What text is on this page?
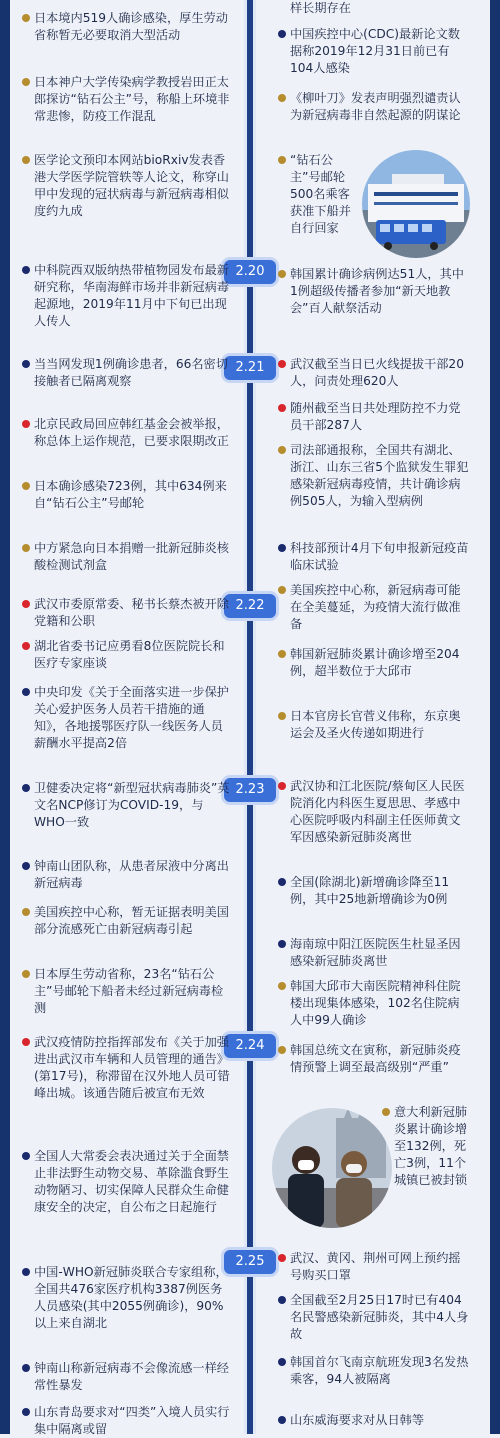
2.20
2.21
2.22
2.23
2.24
2.25
日本境内519人确诊感染，厚生劳动省称暂无必要取消大型活动
日本神户大学传染病学教授岩田正太郎探访“钻石公主”号，称船上环境非常悲惨，防疫工作混乱
医学论文预印本网站bioRxiv发表香港大学医学院管轶等人论文，称穿山甲中发现的冠状病毒与新冠病毒相似度约九成
中科院西双版纳热带植物园发布最新研究称，华南海鲜市场并非新冠病毒起源地，2019年11月中下旬已出现人传人
当当网发现1例确诊患者，66名密切接触者已隔离观察
北京民政局回应韩红基金会被举报，称总体上运作规范，已要求限期改正
日本确诊感染723例，其中634例来自“钻石公主”号邮轮
中方紧急向日本捐赠一批新冠肺炎核酸检测试剂盒
武汉市委原常委、秘书长蔡杰被开除党籍和公职
湖北省委书记应勇看8位医院院长和医疗专家座谈
中央印发《关于全面落实进一步保护关心爱护医务人员若干措施的通知》，各地援鄂医疗队一线医务人员薪酬水平提高2倍
卫健委决定将“新型冠状病毒肺炎”英文名NCP修订为COVID-19，与WHO一致
钟南山团队称，从患者尿液中分离出新冠病毒
美国疾控中心称，暂无证据表明美国部分流感死亡由新冠病毒引起
日本厚生劳动省称，23名“钻石公主”号邮轮下船者未经过新冠病毒检测
武汉疫情防控指挥部发布《关于加强进出武汉市车辆和人员管理的通告》(第17号)，称滞留在汉外地人员可错峰出城。该通告随后被宣布无效
全国人大常委会表决通过关于全面禁止非法野生动物交易、革除滥食野生动物陋习、切实保障人民群众生命健康安全的决定，自公布之日起施行
中国-WHO新冠肺炎联合专家组称，全国共476家医疗机构3387例医务人员感染(其中2055例确诊)，90%以上来自湖北
钟南山称新冠病毒不会像流感一样经常性暴发
山东青岛要求对“四类”入境人员实行集中隔离或留
样长期存在
中国疾控中心(CDC)最新论文数据称2019年12月31日前已有104人感染
《柳叶刀》发表声明强烈谴责认为新冠病毒非自然起源的阴谋论
“钻石公主”号邮轮500名乘客获准下船并自行回家
韩国累计确诊病例达51人，其中1例超级传播者参加“新天地教会”百人献祭活动
武汉截至当日已火线提拔干部20人，问责处理620人
随州截至当日共处理防控不力党员干部287人
司法部通报称，全国共有湖北、浙江、山东三省5个监狱发生罪犯感染新冠病毒疫情，共计确诊病例505人，为输入型病例
科技部预计4月下旬申报新冠疫苗临床试验
美国疾控中心称，新冠病毒可能在全美蔓延，为疫情大流行做准备
韩国新冠肺炎累计确诊增至204例，超半数位于大邱市
日本官房长官菅义伟称，东京奥运会及圣火传递如期进行
武汉协和江北医院/蔡甸区人民医院消化内科医生夏思思、孝感中心医院呼吸内科副主任医师黄文军因感染新冠肺炎离世
全国(除湖北)新增确诊降至11例，其中25地新增确诊为0例
海南琼中阳江医院医生杜显圣因感染新冠肺炎离世
韩国大邱市大南医院精神科住院楼出现集体感染，102名住院病人中99人确诊
韩国总统文在寅称，新冠肺炎疫情预警上调至最高级别“严重”
意大利新冠肺炎累计确诊增至132例，死亡3例，11个城镇已被封锁
武汉、黄冈、荆州可网上预约摇号购买口罩
全国截至2月25日17时已有404名民警感染新冠肺炎，其中4人身故
韩国首尔飞南京航班发现3名发热乘客，94人被隔离
山东威海要求对从日韩等
